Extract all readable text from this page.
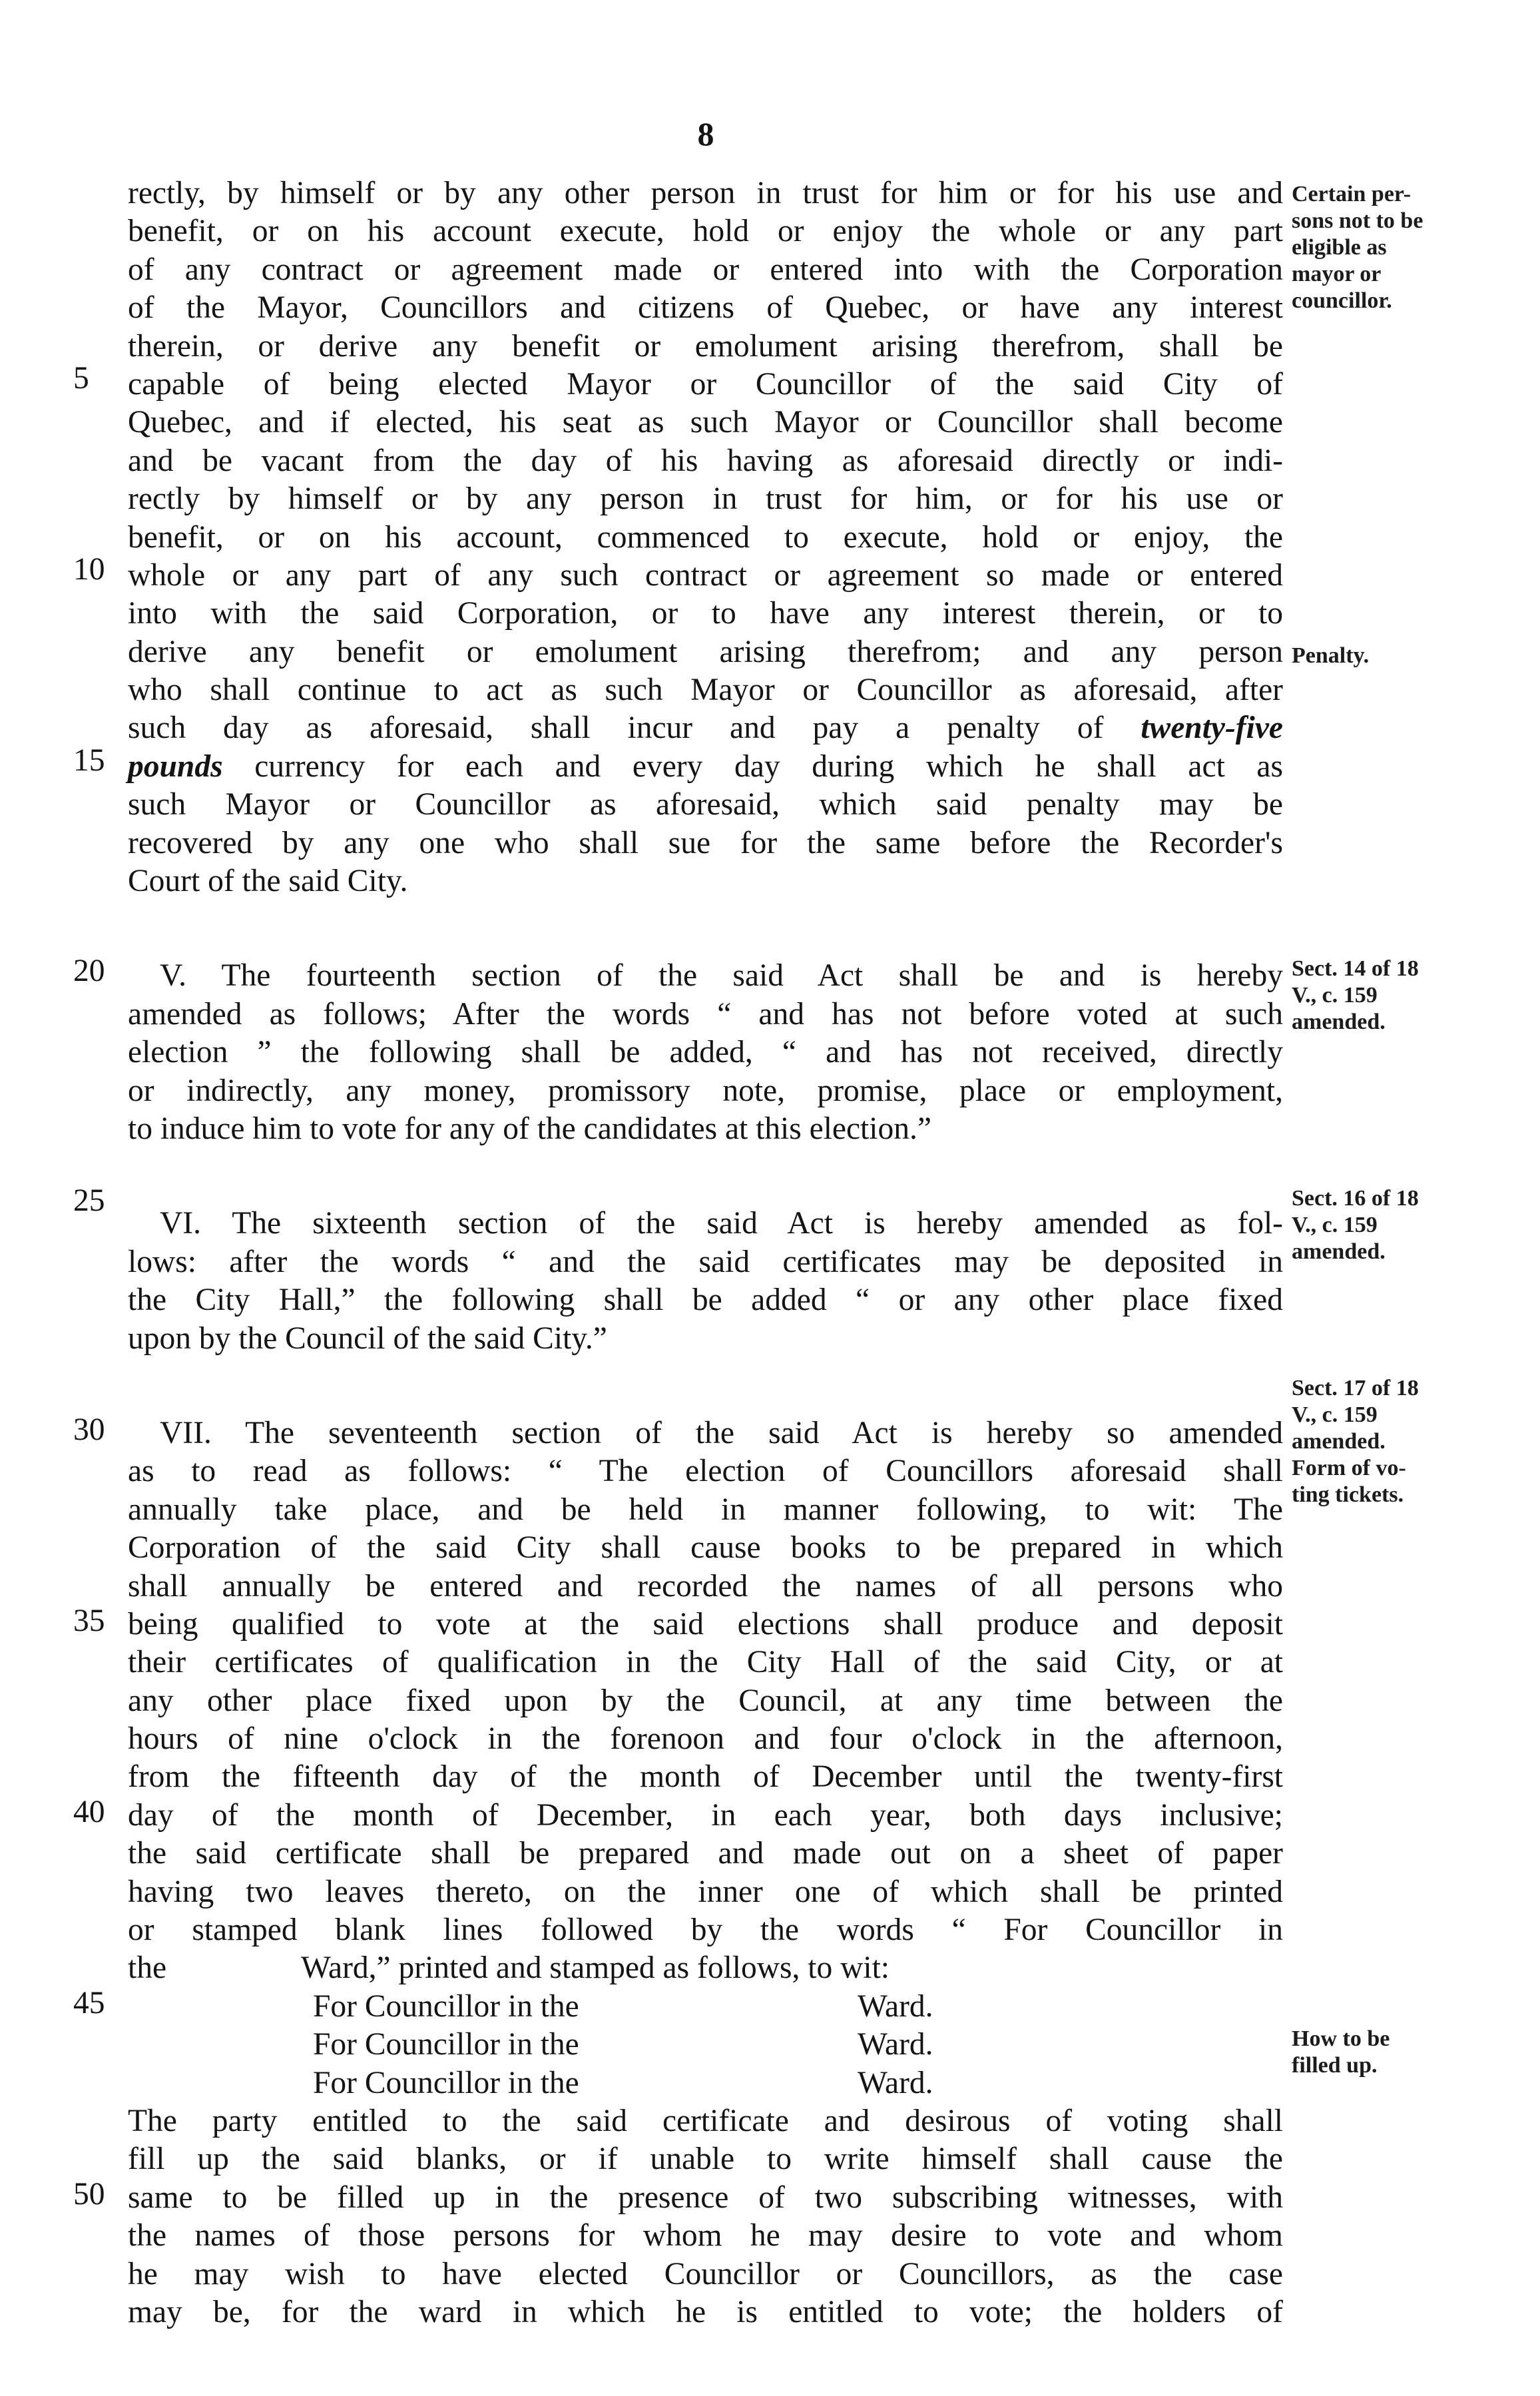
8
5
10
15
20
25
30
35
40
45
50
rectly, by himself or by any other person in trust for him or for his use and
benefit, or on his account execute, hold or enjoy the whole or any part
of any contract or agreement made or entered into with the Corporation
of the Mayor, Councillors and citizens of Quebec, or have any interest
therein, or derive any benefit or emolument arising therefrom, shall be
capable of being elected Mayor or Councillor of the said City of
Quebec, and if elected, his seat as such Mayor or Councillor shall become
and be vacant from the day of his having as aforesaid directly or indi-
rectly by himself or by any person in trust for him, or for his use or
benefit, or on his account, commenced to execute, hold or enjoy, the
whole or any part of any such contract or agreement so made or entered
into with the said Corporation, or to have any interest therein, or to
derive any benefit or emolument arising therefrom; and any person
who shall continue to act as such Mayor or Councillor as aforesaid, after
such day as aforesaid, shall incur and pay a penalty of twenty-five
pounds currency for each and every day during which he shall act as
such Mayor or Councillor as aforesaid, which said penalty may be
recovered by any one who shall sue for the same before the Recorder's
Court of the said City.
V. The fourteenth section of the said Act shall be and is hereby
amended as follows; After the words “ and has not before voted at such
election ” the following shall be added, “ and has not received, directly
or indirectly, any money, promissory note, promise, place or employment,
to induce him to vote for any of the candidates at this election.”
VI. The sixteenth section of the said Act is hereby amended as fol-
lows: after the words “ and the said certificates may be deposited in
the City Hall,” the following shall be added “ or any other place fixed
upon by the Council of the said City.”
VII. The seventeenth section of the said Act is hereby so amended
as to read as follows: “ The election of Councillors aforesaid shall
annually take place, and be held in manner following, to wit: The
Corporation of the said City shall cause books to be prepared in which
shall annually be entered and recorded the names of all persons who
being qualified to vote at the said elections shall produce and deposit
their certificates of qualification in the City Hall of the said City, or at
any other place fixed upon by the Council, at any time between the
hours of nine o'clock in the forenoon and four o'clock in the afternoon,
from the fifteenth day of the month of December until the twenty-first
day of the month of December, in each year, both days inclusive;
the said certificate shall be prepared and made out on a sheet of paper
having two leaves thereto, on the inner one of which shall be printed
or stamped blank lines followed by the words “ For Councillor in
the	Ward,” printed and stamped as follows, to wit:
For Councillor in the	Ward.
For Councillor in the	Ward.
For Councillor in the	Ward.
The party entitled to the said certificate and desirous of voting shall
fill up the said blanks, or if unable to write himself shall cause the
same to be filled up in the presence of two subscribing witnesses, with
the names of those persons for whom he may desire to vote and whom
he may wish to have elected Councillor or Councillors, as the case
may be, for the ward in which he is entitled to vote; the holders of
Certain per-
sons not to be
eligible as
mayor or
councillor.
Penalty.
Sect. 14 of 18
V., c. 159
amended.
Sect. 16 of 18
V., c. 159
amended.
Sect. 17 of 18
V., c. 159
amended.
Form of vo-
ting tickets.
How to be
filled up.
